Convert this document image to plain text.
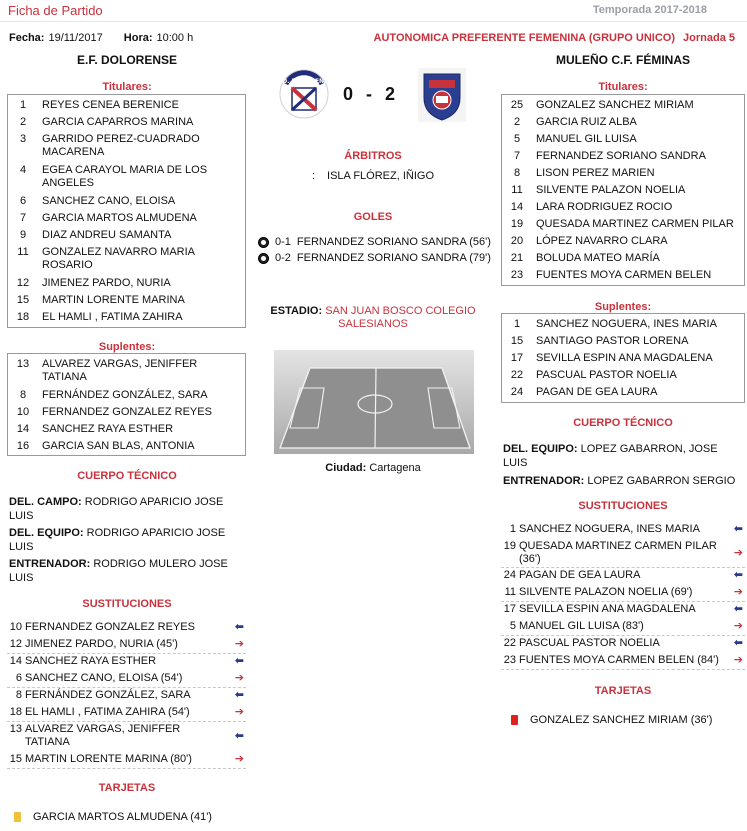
Ficha de Partido	Temporada 2017-2018
Fecha: 19/11/2017 Hora: 10:00 h	AUTONOMICA PREFERENTE FEMENINA (GRUPO UNICO) Jornada 5
E.F. DOLORENSE	MULEÑO C.F. FÉMINAS
Titulares:
1	REYES CENEA BERENICE
2	GARCIA CAPARROS MARINA
3	GARRIDO PEREZ-CUADRADO MACARENA
4	EGEA CARAYOL MARIA DE LOS ANGELES
6	SANCHEZ CANO, ELOISA
7	GARCIA MARTOS ALMUDENA
9	DIAZ ANDREU SAMANTA
11	GONZALEZ NAVARRO MARIA ROSARIO
12	JIMENEZ PARDO, NURIA
15	MARTIN LORENTE MARINA
18	EL HAMLI , FATIMA ZAHIRA
Suplentes:
13	ALVAREZ VARGAS, JENIFFER TATIANA
8	FERNÁNDEZ GONZÁLEZ, SARA
10	FERNANDEZ GONZALEZ REYES
14	SANCHEZ RAYA ESTHER
16	GARCIA SAN BLAS, ANTONIA
CUERPO TÉCNICO
DEL. CAMPO: RODRIGO APARICIO JOSE LUIS
DEL. EQUIPO: RODRIGO APARICIO JOSE LUIS
ENTRENADOR: RODRIGO MULERO JOSE LUIS
SUSTITUCIONES
10 FERNANDEZ GONZALEZ REYES	⬅
12 JIMENEZ PARDO, NURIA (45')	➔
14 SANCHEZ RAYA ESTHER	⬅
6 SANCHEZ CANO, ELOISA (54')	➔
8 FERNÁNDEZ GONZÁLEZ, SARA	⬅
18 EL HAMLI , FATIMA ZAHIRA (54')	➔
13 ALVAREZ VARGAS, JENIFFER TATIANA	⬅
15 MARTIN LORENTE MARINA (80')	➔
TARJETAS
GARCIA MARTOS ALMUDENA (41')
C.D. DOLORENSE
0 - 2
ÁRBITROS
: ISLA FLÓREZ, IÑIGO
GOLES
0-1 FERNANDEZ SORIANO SANDRA (56')
0-2 FERNANDEZ SORIANO SANDRA (79')
ESTADIO: SAN JUAN BOSCO COLEGIO SALESIANOS
Ciudad: Cartagena
Titulares:
25	GONZALEZ SANCHEZ MIRIAM
2	GARCIA RUIZ ALBA
5	MANUEL GIL LUISA
7	FERNANDEZ SORIANO SANDRA
8	LISON PEREZ MARIEN
11	SILVENTE PALAZON NOELIA
14	LARA RODRIGUEZ ROCIO
19	QUESADA MARTINEZ CARMEN PILAR
20	LÓPEZ NAVARRO CLARA
21	BOLUDA MATEO MARÍA
23	FUENTES MOYA CARMEN BELEN
Suplentes:
1	SANCHEZ NOGUERA, INES MARIA
15	SANTIAGO PASTOR LORENA
17	SEVILLA ESPIN ANA MAGDALENA
22	PASCUAL PASTOR NOELIA
24	PAGAN DE GEA LAURA
CUERPO TÉCNICO
DEL. EQUIPO: LOPEZ GABARRON, JOSE LUIS
ENTRENADOR: LOPEZ GABARRON SERGIO
SUSTITUCIONES
1 SANCHEZ NOGUERA, INES MARIA	⬅
19 QUESADA MARTINEZ CARMEN PILAR (36')	➔
24 PAGAN DE GEA LAURA	⬅
11 SILVENTE PALAZON NOELIA (69')	➔
17 SEVILLA ESPIN ANA MAGDALENA	⬅
5 MANUEL GIL LUISA (83')	➔
22 PASCUAL PASTOR NOELIA	⬅
23 FUENTES MOYA CARMEN BELEN (84')	➔
TARJETAS
GONZALEZ SANCHEZ MIRIAM (36')
